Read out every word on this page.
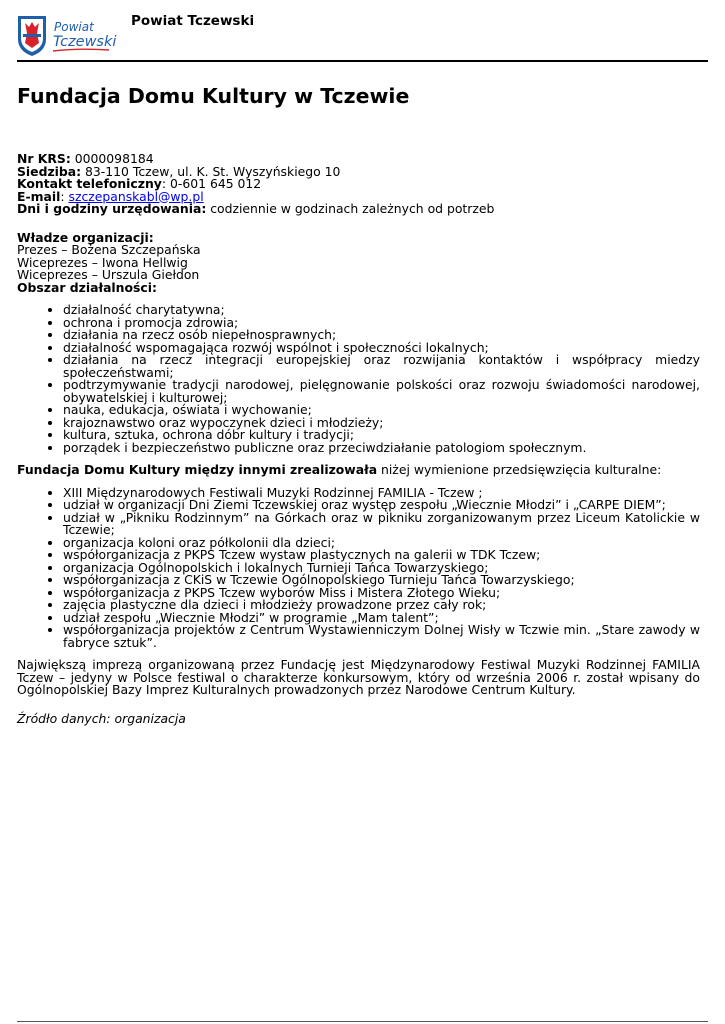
Powiat
Tczewski
Powiat Tczewski
Fundacja Domu Kultury w Tczewie

Nr KRS: 0000098184

Siedziba: 83-110 Tczew, ul. K. St. Wyszyńskiego 10

Kontakt telefoniczny: 0-601 645 012

E-mail: szczepanskabl@wp.pl

Dni i godziny urzędowania: codziennie w godzinach zależnych od potrzeb

Władze organizacji:

Prezes – Bożena Szczepańska

Wiceprezes – Iwona Hellwig

Wiceprezes – Urszula Giełdon

Obszar działalności:

• działalność charytatywna;
• ochrona i promocja zdrowia;
• działania na rzecz osób niepełnosprawnych;
• działalność wspomagająca rozwój wspólnot i społeczności lokalnych;
• działania na rzecz integracji europejskiej oraz rozwijania kontaktów i współpracy miedzy społeczeństwami;
• podtrzymywanie tradycji narodowej, pielęgnowanie polskości oraz rozwoju świadomości narodowej, obywatelskiej i kulturowej;
• nauka, edukacja, oświata i wychowanie;
• krajoznawstwo oraz wypoczynek dzieci i młodzieży;
• kultura, sztuka, ochrona dóbr kultury i tradycji;
• porządek i bezpieczeństwo publiczne oraz przeciwdziałanie patologiom społecznym.

Fundacja Domu Kultury między innymi zrealizowała niżej wymienione przedsięwzięcia kulturalne:

• XIII Międzynarodowych Festiwali Muzyki Rodzinnej FAMILIA - Tczew ;
• udział w organizacji Dni Ziemi Tczewskiej oraz występ zespołu „Wiecznie Młodzi” i „CARPE DIEM”;
• udział w „Pikniku Rodzinnym” na Górkach oraz w pikniku zorganizowanym przez Liceum Katolickie w Tczewie;
• organizacja koloni oraz półkolonii dla dzieci;
• współorganizacja z PKPS Tczew wystaw plastycznych na galerii w TDK Tczew;
• organizacja Ogólnopolskich i lokalnych Turnieji Tańca Towarzyskiego;
• współorganizacja z CKiS w Tczewie Ogólnopolskiego Turnieju Tańca Towarzyskiego;
• współorganizacja z PKPS Tczew wyborów Miss i Mistera Złotego Wieku;
• zajęcia plastyczne dla dzieci i młodzieży prowadzone przez cały rok;
• udział zespołu „Wiecznie Młodzi” w programie „Mam talent”;
• współorganizacja projektów z Centrum Wystawienniczym Dolnej Wisły w Tczwie min. „Stare zawody w fabryce sztuk”.

Największą imprezą organizowaną przez Fundację jest Międzynarodowy Festiwal Muzyki Rodzinnej FAMILIA Tczew – jedyny w Polsce festiwal o charakterze konkursowym, który od września 2006 r. został wpisany do Ogólnopolskiej Bazy Imprez Kulturalnych prowadzonych przez Narodowe Centrum Kultury.

Źródło danych: organizacja
